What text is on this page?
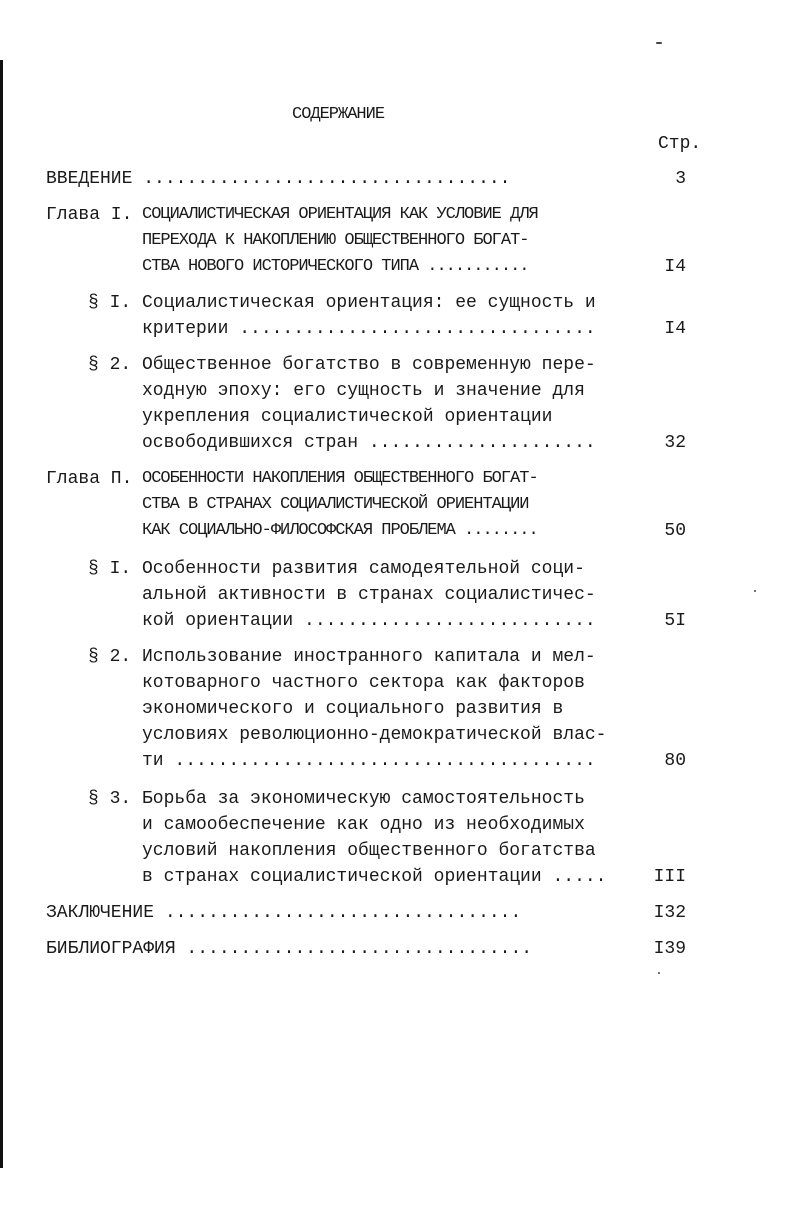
СОДЕРЖАНИЕ
Стр.
ВВЕДЕНИЕ ..................................	3
Глава I. СОЦИАЛИСТИЧЕСКАЯ ОРИЕНТАЦИЯ КАК УСЛОВИЕ ДЛЯ
ПЕРЕХОДА К НАКОПЛЕНИЮ ОБЩЕСТВЕННОГО БОГАТ-
СТВА НОВОГО ИСТОРИЧЕСКОГО ТИПА ...........	I4
§ I. Социалистическая ориентация: ее сущность и
критерии .................................	I4
§ 2. Общественное богатство в современную пере-
ходную эпоху: его сущность и значение для
укрепления социалистической ориентации
освободившихся стран .....................	32
Глава П. ОСОБЕННОСТИ НАКОПЛЕНИЯ ОБЩЕСТВЕННОГО БОГАТ-
СТВА В СТРАНАХ СОЦИАЛИСТИЧЕСКОЙ ОРИЕНТАЦИИ
КАК СОЦИАЛЬНО-ФИЛОСОФСКАЯ ПРОБЛЕМА ........	50
§ I. Особенности развития самодеятельной соци-
альной активности в странах социалистичес-
кой ориентации ...........................	5I
§ 2. Использование иностранного капитала и мел-
котоварного частного сектора как факторов
экономического и социального развития в
условиях революционно-демократической влас-
ти .......................................	80
§ 3. Борьба за экономическую самостоятельность
и самообеспечение как одно из необходимых
условий накопления общественного богатства
в странах социалистической ориентации .....	III
ЗАКЛЮЧЕНИЕ .................................	I32
БИБЛИОГРАФИЯ ................................	I39
